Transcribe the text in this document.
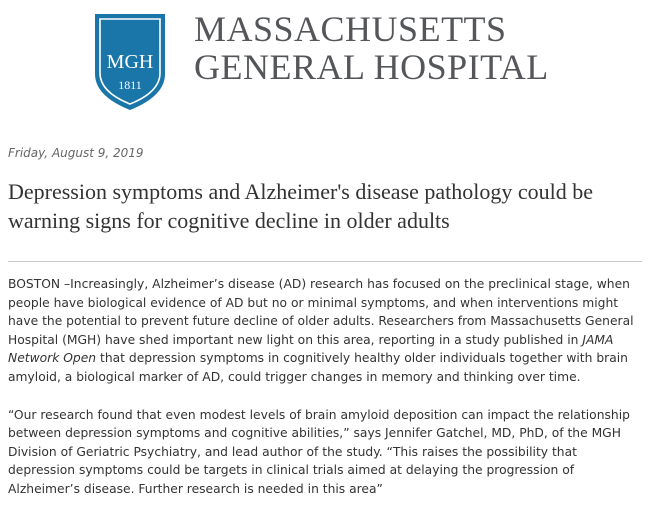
MGH
1811
MASSACHUSETTS
GENERAL HOSPITAL
Friday, August 9, 2019
Depression symptoms and Alzheimer's disease pathology could be warning signs for cognitive decline in older adults

BOSTON –Increasingly, Alzheimer’s disease (AD) research has focused on the preclinical stage, when people have biological evidence of AD but no or minimal symptoms, and when interventions might have the potential to prevent future decline of older adults. Researchers from Massachusetts General Hospital (MGH) have shed important new light on this area, reporting in a study published in JAMA Network Open that depression symptoms in cognitively healthy older individuals together with brain amyloid, a biological marker of AD, could trigger changes in memory and thinking over time.

“Our research found that even modest levels of brain amyloid deposition can impact the relationship between depression symptoms and cognitive abilities,” says Jennifer Gatchel, MD, PhD, of the MGH Division of Geriatric Psychiatry, and lead author of the study. “This raises the possibility that depression symptoms could be targets in clinical trials aimed at delaying the progression of Alzheimer’s disease. Further research is needed in this area”
